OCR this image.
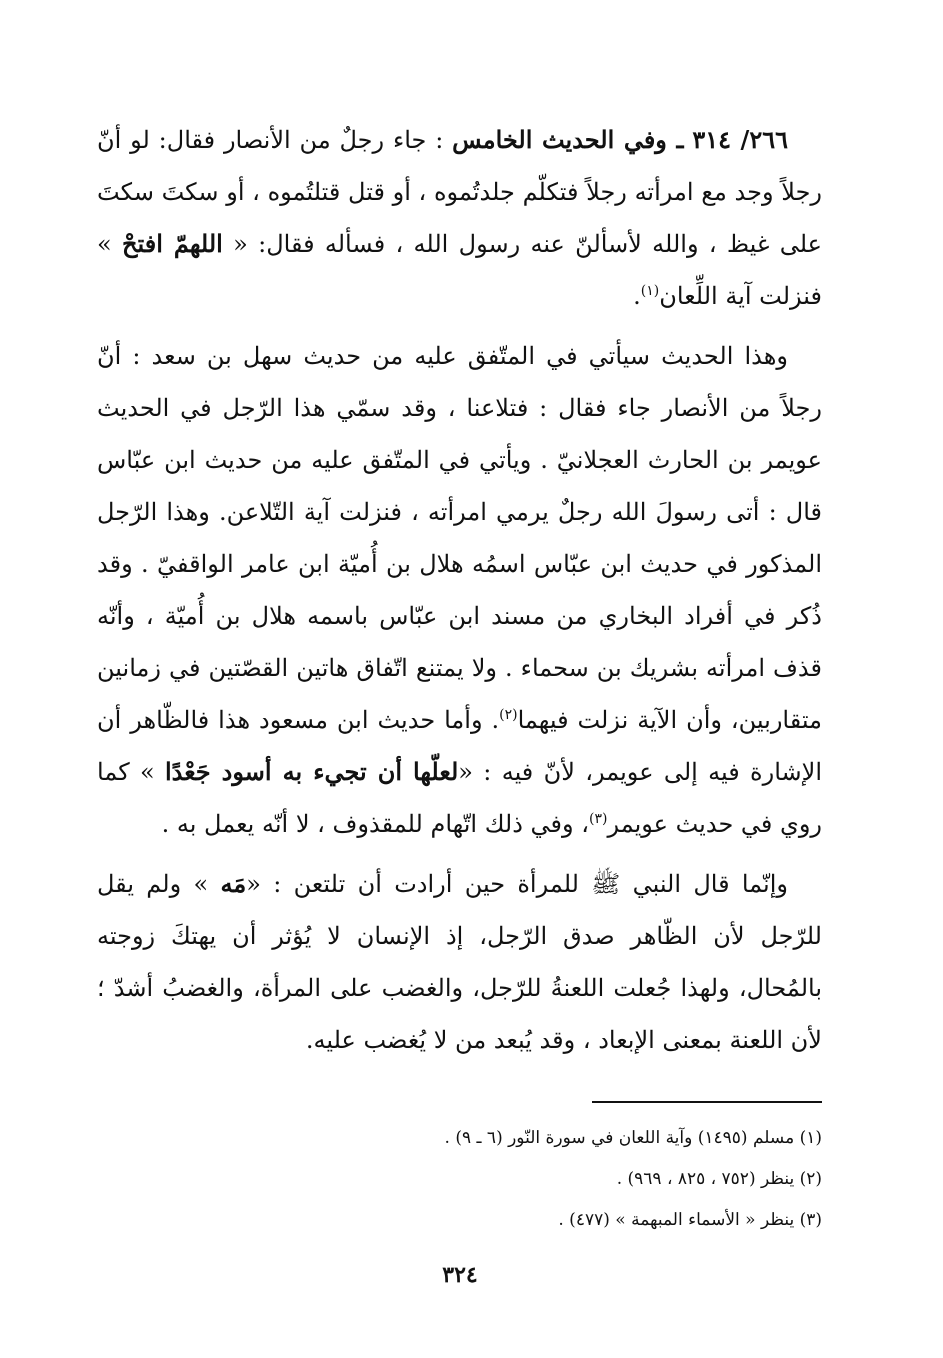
٢٦٦/ ٣١٤ ـ وفي الحديث الخامس : جاء رجلٌ من الأنصار فقال: لو أنّ رجلاً وجد مع امرأته رجلاً فتكلّم جلدتُموه ، أو قتل قتلتُموه ، أو سكتَ سكتَ على غيظ ، والله لأسألنّ عنه رسول الله ، فسأله فقال: « اللهمّ افتحْ » فنزلت آية اللِّعان$^{(١)}$.

وهذا الحديث سيأتي في المتّفق عليه من حديث سهل بن سعد : أنّ رجلاً من الأنصار جاء فقال : فتلاعنا ، وقد سمّي هذا الرّجل في الحديث عويمر بن الحارث العجلانيّ . ويأتي في المتّفق عليه من حديث ابن عبّاس قال : أتى رسولَ الله رجلٌ يرمي امرأته ، فنزلت آية التّلاعن. وهذا الرّجل المذكور في حديث ابن عبّاس اسمُه هلال بن أُميّة ابن عامر الواقفيّ . وقد ذُكر في أفراد البخاري من مسند ابن عبّاس باسمه هلال بن أُميّة ، وأنّه قذف امرأته بشريك بن سحماء . ولا يمتنع اتّفاق هاتين القصّتين في زمانين متقاربين، وأن الآية نزلت فيهما$^{(٢)}$. وأما حديث ابن مسعود هذا فالظّاهر أن الإشارة فيه إلى عويمر، لأنّ فيه : «لعلّها أن تجيء به أسود جَعْدًا » كما روي في حديث عويمر$^{(٣)}$، وفي ذلك اتّهام للمقذوف ، لا أنّه يعمل به .

وإنّما قال النبي ﷺ للمرأة حين أرادت أن تلتعن : «مَه » ولم يقل للرّجل لأن الظّاهر صدق الرّجل، إذ الإنسان لا يُؤثر أن يهتكَ زوجته بالمُحال، ولهذا جُعلت اللعنةُ للرّجل، والغضب على المرأة، والغضبُ أشدّ ؛ لأن اللعنة بمعنى الإبعاد ، وقد يُبعد من لا يُغضب عليه.

(١) مسلم (١٤٩٥) وآية اللعان في سورة النّور (٦ ـ ٩) .

(٢) ينظر (٧٥٢ ، ٨٢٥ ، ٩٦٩) .

(٣) ينظر « الأسماء المبهمة » (٤٧٧) .

٣٢٤
